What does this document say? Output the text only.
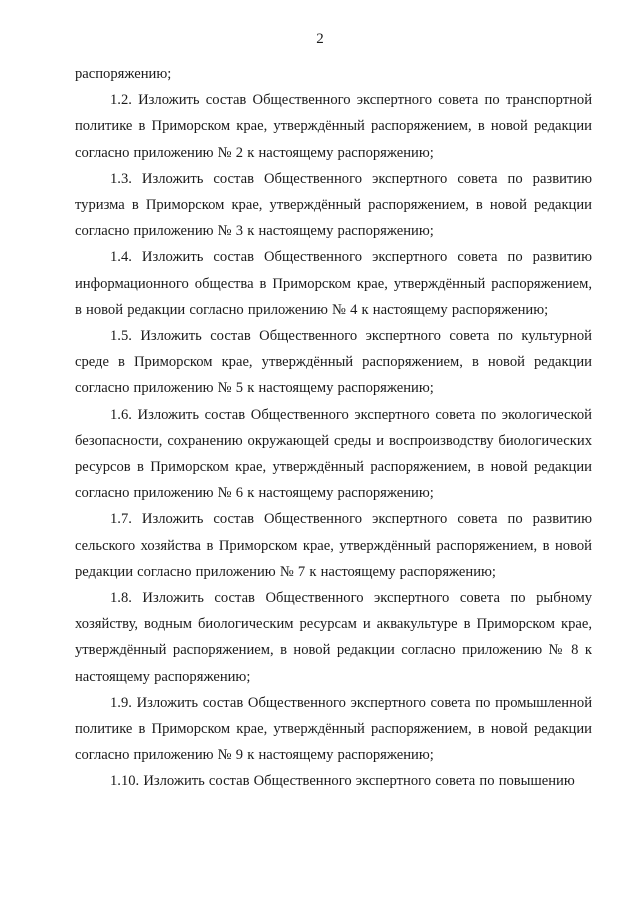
2

распоряжению;

1.2. Изложить состав Общественного экспертного совета по транспортной политике в Приморском крае, утверждённый распоряжением, в новой редакции согласно приложению № 2 к настоящему распоряжению;

1.3. Изложить состав Общественного экспертного совета по развитию туризма в Приморском крае, утверждённый распоряжением, в новой редакции согласно приложению № 3 к настоящему распоряжению;

1.4. Изложить состав Общественного экспертного совета по развитию информационного общества в Приморском крае, утверждённый распоряжением, в новой редакции согласно приложению № 4 к настоящему распоряжению;

1.5. Изложить состав Общественного экспертного совета по культурной среде в Приморском крае, утверждённый распоряжением, в новой редакции согласно приложению № 5 к настоящему распоряжению;

1.6. Изложить состав Общественного экспертного совета по экологической безопасности, сохранению окружающей среды и воспроизводству биологических ресурсов в Приморском крае, утверждённый распоряжением, в новой редакции согласно приложению № 6 к настоящему распоряжению;

1.7. Изложить состав Общественного экспертного совета по развитию сельского хозяйства в Приморском крае, утверждённый распоряжением, в новой редакции согласно приложению № 7 к настоящему распоряжению;

1.8. Изложить состав Общественного экспертного совета по рыбному хозяйству, водным биологическим ресурсам и аквакультуре в Приморском крае, утверждённый распоряжением, в новой редакции согласно приложению № 8 к настоящему распоряжению;

1.9. Изложить состав Общественного экспертного совета по промышленной политике в Приморском крае, утверждённый распоряжением, в новой редакции согласно приложению № 9 к настоящему распоряжению;

1.10. Изложить состав Общественного экспертного совета по повышению
